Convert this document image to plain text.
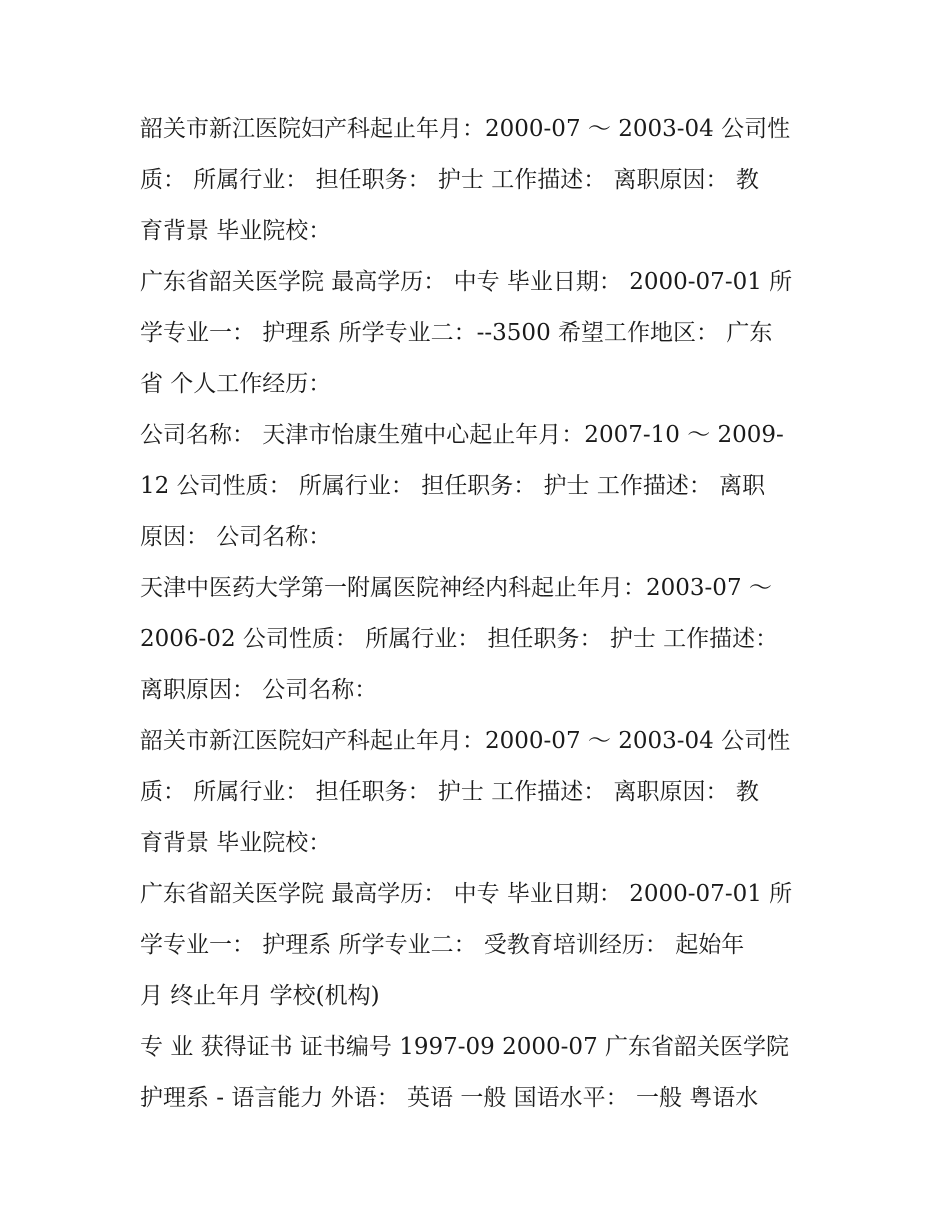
韶关市新江医院妇产科起止年月：2000-07 ～ 2003-04 公司性
质： 所属行业： 担任职务： 护士 工作描述： 离职原因： 教
育背景 毕业院校：
广东省韶关医学院 最高学历： 中专 毕业日期： 2000-07-01 所
学专业一： 护理系 所学专业二：--3500 希望工作地区： 广东
省 个人工作经历：
公司名称： 天津市怡康生殖中心起止年月：2007-10 ～ 2009-
12 公司性质： 所属行业： 担任职务： 护士 工作描述： 离职
原因： 公司名称：
天津中医药大学第一附属医院神经内科起止年月：2003-07 ～
2006-02 公司性质： 所属行业： 担任职务： 护士 工作描述：
离职原因： 公司名称：
韶关市新江医院妇产科起止年月：2000-07 ～ 2003-04 公司性
质： 所属行业： 担任职务： 护士 工作描述： 离职原因： 教
育背景 毕业院校：
广东省韶关医学院 最高学历： 中专 毕业日期： 2000-07-01 所
学专业一： 护理系 所学专业二： 受教育培训经历： 起始年
月 终止年月 学校(机构)
专 业 获得证书 证书编号 1997-09 2000-07 广东省韶关医学院
护理系 - 语言能力 外语： 英语 一般 国语水平： 一般 粤语水
